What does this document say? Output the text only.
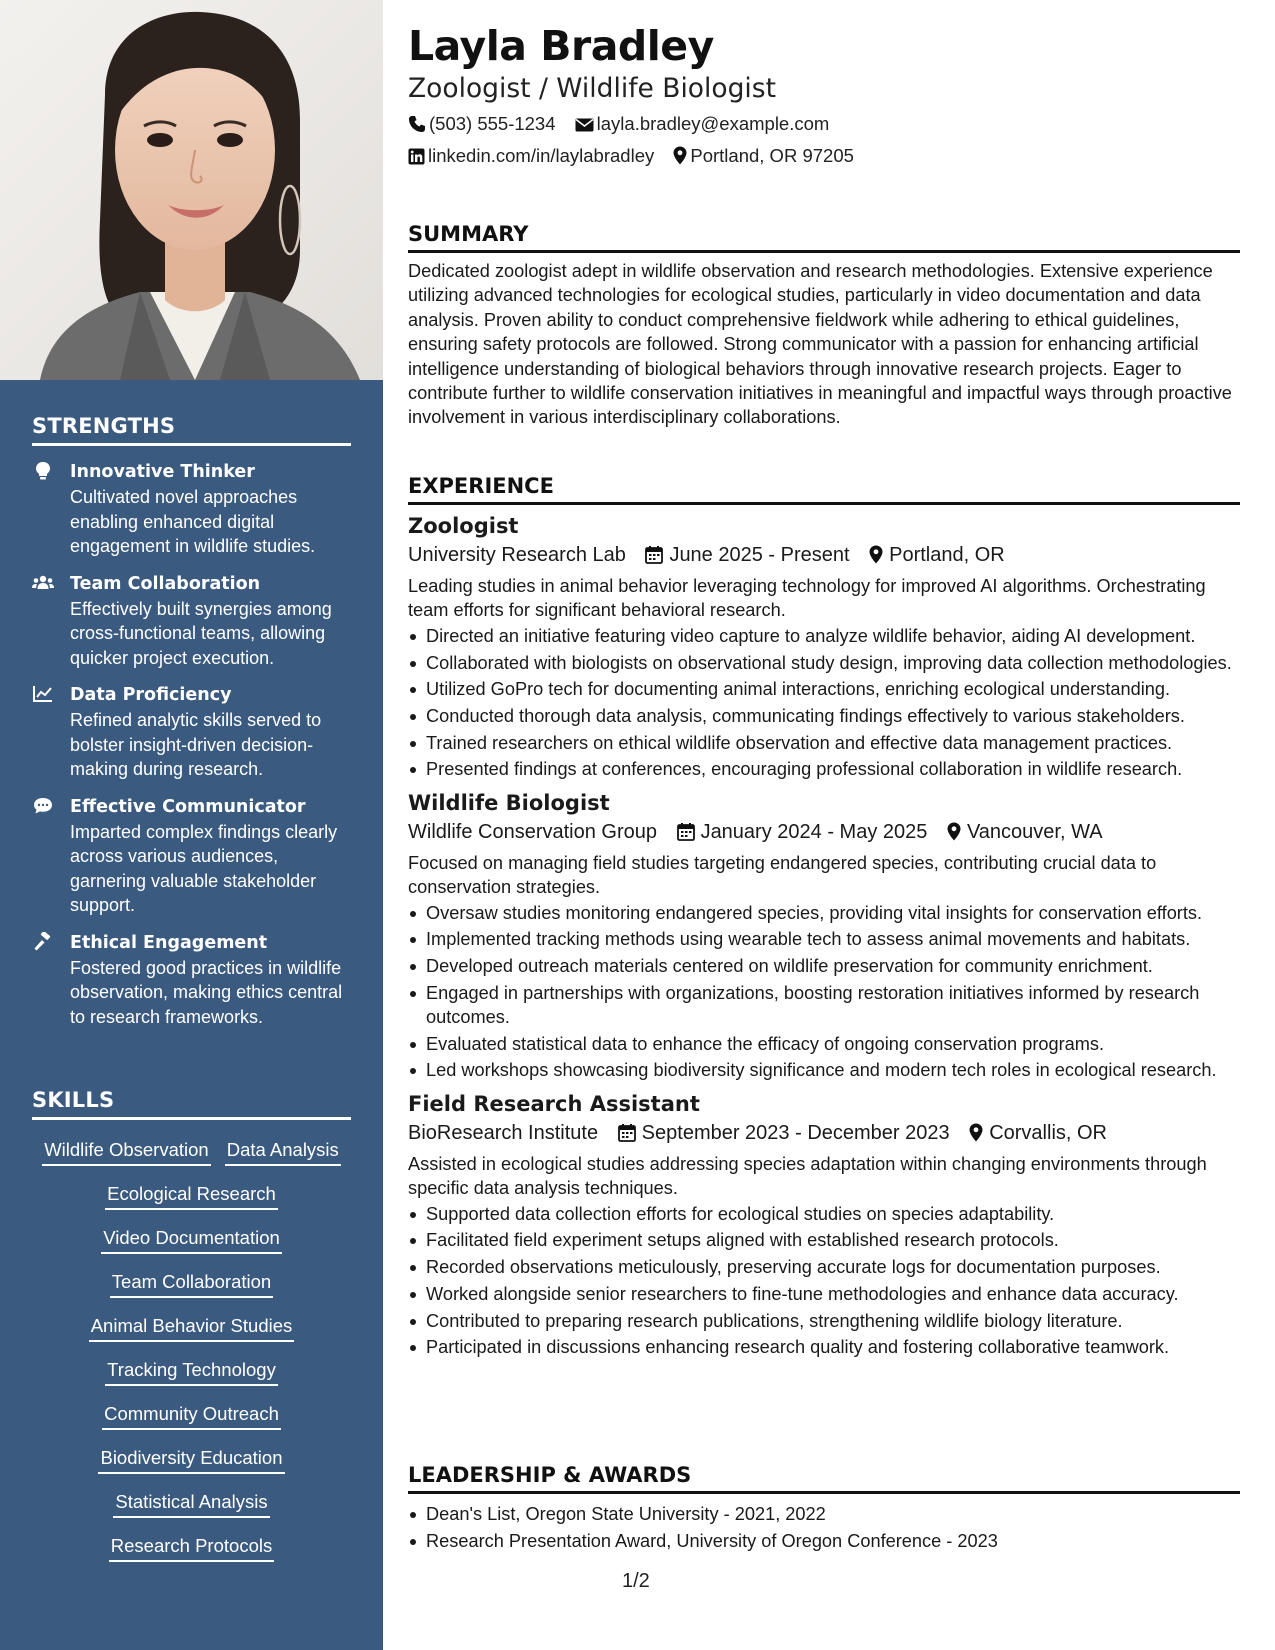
STRENGTHS
Innovative Thinker
Cultivated novel approaches enabling enhanced digital engagement in wildlife studies.
Team Collaboration
Effectively built synergies among cross-functional teams, allowing quicker project execution.
Data Proficiency
Refined analytic skills served to bolster insight-driven decision-making during research.
Effective Communicator
Imparted complex findings clearly across various audiences, garnering valuable stakeholder support.
Ethical Engagement
Fostered good practices in wildlife observation, making ethics central to research frameworks.
SKILLS
Wildlife Observation Data Analysis
Ecological Research
Video Documentation
Team Collaboration
Animal Behavior Studies
Tracking Technology
Community Outreach
Biodiversity Education
Statistical Analysis
Research Protocols
Layla Bradley
Zoologist / Wildlife Biologist
(503) 555-1234 layla.bradley@example.com
linkedin.com/in/laylabradley Portland, OR 97205
SUMMARY
Dedicated zoologist adept in wildlife observation and research methodologies. Extensive experience utilizing advanced technologies for ecological studies, particularly in video documentation and data analysis. Proven ability to conduct comprehensive fieldwork while adhering to ethical guidelines, ensuring safety protocols are followed. Strong communicator with a passion for enhancing artificial intelligence understanding of biological behaviors through innovative research projects. Eager to contribute further to wildlife conservation initiatives in meaningful and impactful ways through proactive involvement in various interdisciplinary collaborations.
EXPERIENCE
Zoologist
University Research Lab June 2025 - Present Portland, OR
Leading studies in animal behavior leveraging technology for improved AI algorithms. Orchestrating team efforts for significant behavioral research.
Directed an initiative featuring video capture to analyze wildlife behavior, aiding AI development.
Collaborated with biologists on observational study design, improving data collection methodologies.
Utilized GoPro tech for documenting animal interactions, enriching ecological understanding.
Conducted thorough data analysis, communicating findings effectively to various stakeholders.
Trained researchers on ethical wildlife observation and effective data management practices.
Presented findings at conferences, encouraging professional collaboration in wildlife research.
Wildlife Biologist
Wildlife Conservation Group January 2024 - May 2025 Vancouver, WA
Focused on managing field studies targeting endangered species, contributing crucial data to conservation strategies.
Oversaw studies monitoring endangered species, providing vital insights for conservation efforts.
Implemented tracking methods using wearable tech to assess animal movements and habitats.
Developed outreach materials centered on wildlife preservation for community enrichment.
Engaged in partnerships with organizations, boosting restoration initiatives informed by research outcomes.
Evaluated statistical data to enhance the efficacy of ongoing conservation programs.
Led workshops showcasing biodiversity significance and modern tech roles in ecological research.
Field Research Assistant
BioResearch Institute September 2023 - December 2023 Corvallis, OR
Assisted in ecological studies addressing species adaptation within changing environments through specific data analysis techniques.
Supported data collection efforts for ecological studies on species adaptability.
Facilitated field experiment setups aligned with established research protocols.
Recorded observations meticulously, preserving accurate logs for documentation purposes.
Worked alongside senior researchers to fine-tune methodologies and enhance data accuracy.
Contributed to preparing research publications, strengthening wildlife biology literature.
Participated in discussions enhancing research quality and fostering collaborative teamwork.
LEADERSHIP & AWARDS
Dean's List, Oregon State University - 2021, 2022
Research Presentation Award, University of Oregon Conference - 2023
1/2
